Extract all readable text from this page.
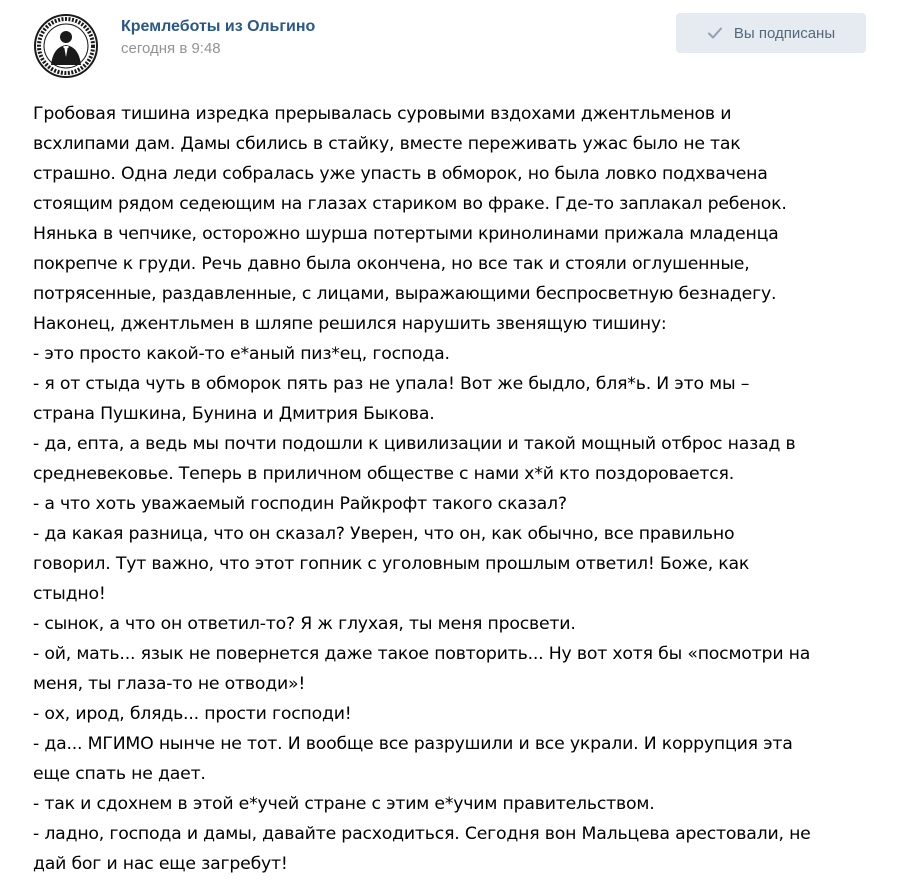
Кремлеботы из Ольгино
сегодня в 9:48
Вы подписаны
Гробовая тишина изредка прерывалась суровыми вздохами джентльменов и
всхлипами дам. Дамы сбились в стайку, вместе переживать ужас было не так
страшно. Одна леди собралась уже упасть в обморок, но была ловко подхвачена
стоящим рядом седеющим на глазах стариком во фраке. Где-то заплакал ребенок.
Нянька в чепчике, осторожно шурша потертыми кринолинами прижала младенца
покрепче к груди. Речь давно была окончена, но все так и стояли оглушенные,
потрясенные, раздавленные, с лицами, выражающими беспросветную безнадегу.
Наконец, джентльмен в шляпе решился нарушить звенящую тишину:
- это просто какой-то е*аный пиз*ец, господа.
- я от стыда чуть в обморок пять раз не упала! Вот же быдло, бля*ь. И это мы –
страна Пушкина, Бунина и Дмитрия Быкова.
- да, епта, а ведь мы почти подошли к цивилизации и такой мощный отброс назад в
средневековье. Теперь в приличном обществе с нами х*й кто поздоровается.
- а что хоть уважаемый господин Райкрофт такого сказал?
- да какая разница, что он сказал? Уверен, что он, как обычно, все правильно
говорил. Тут важно, что этот гопник с уголовным прошлым ответил! Боже, как
стыдно!
- сынок, а что он ответил-то? Я ж глухая, ты меня просвети.
- ой, мать... язык не повернется даже такое повторить... Ну вот хотя бы «посмотри на
меня, ты глаза-то не отводи»!
- ох, ирод, блядь... прости господи!
- да... МГИМО нынче не тот. И вообще все разрушили и все украли. И коррупция эта
еще спать не дает.
- так и сдохнем в этой е*учей стране с этим е*учим правительством.
- ладно, господа и дамы, давайте расходиться. Сегодня вон Мальцева арестовали, не
дай бог и нас еще загребут!
